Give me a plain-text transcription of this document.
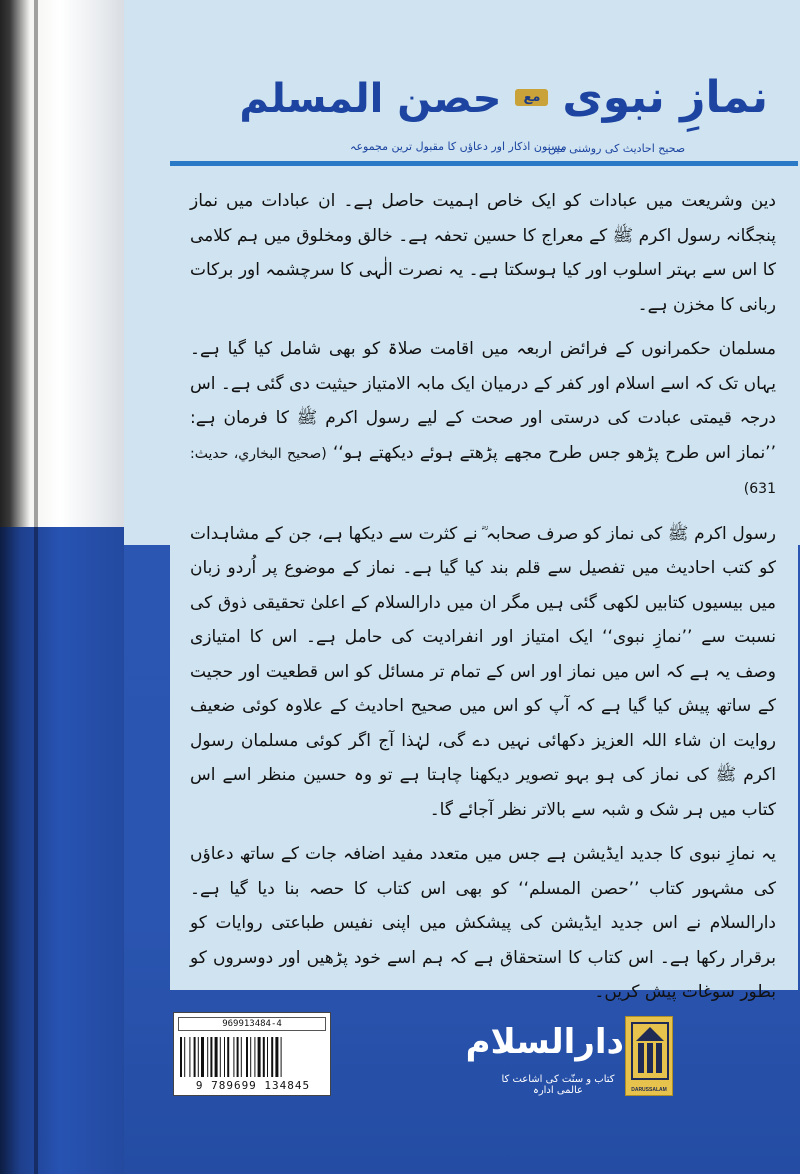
نمازِ نبوی
مع
حصن المسلم
صحیح احادیث کی روشنی میں
مسنون اذکار اور دعاؤں کا مقبول ترین مجموعہ

دین وشریعت میں عبادات کو ایک خاص اہمیت حاصل ہے۔ ان عبادات میں نماز پنجگانہ رسول اکرم ﷺ کے معراج کا حسین تحفہ ہے۔ خالق ومخلوق میں ہم کلامی کا اس سے بہتر اسلوب اور کیا ہوسکتا ہے۔ یہ نصرت الٰہی کا سرچشمہ اور برکات ربانی کا مخزن ہے۔

مسلمان حکمرانوں کے فرائض اربعہ میں اقامت صلاۃ کو بھی شامل کیا گیا ہے۔ یہاں تک کہ اسے اسلام اور کفر کے درمیان ایک مابہ الامتیاز حیثیت دی گئی ہے۔ اس درجہ قیمتی عبادت کی درستی اور صحت کے لیے رسول اکرم ﷺ کا فرمان ہے: ’’نماز اس طرح پڑھو جس طرح مجھے پڑھتے ہوئے دیکھتے ہو‘‘ (صحیح البخاري، حدیث: 631)

رسول اکرم ﷺ کی نماز کو صرف صحابہ ؓ نے کثرت سے دیکھا ہے، جن کے مشاہدات کو کتب احادیث میں تفصیل سے قلم بند کیا گیا ہے۔ نماز کے موضوع پر اُردو زبان میں بیسیوں کتابیں لکھی گئی ہیں مگر ان میں دارالسلام کے اعلیٰ تحقیقی ذوق کی نسبت سے ’’نمازِ نبوی‘‘ ایک امتیاز اور انفرادیت کی حامل ہے۔ اس کا امتیازی وصف یہ ہے کہ اس میں نماز اور اس کے تمام تر مسائل کو اس قطعیت اور حجیت کے ساتھ پیش کیا گیا ہے کہ آپ کو اس میں صحیح احادیث کے علاوہ کوئی ضعیف روایت ان شاء اللہ العزیز دکھائی نہیں دے گی، لہٰذا آج اگر کوئی مسلمان رسول اکرم ﷺ کی نماز کی ہو بہو تصویر دیکھنا چاہتا ہے تو وہ حسین منظر اسے اس کتاب میں ہر شک و شبہ سے بالاتر نظر آجائے گا۔

یہ نمازِ نبوی کا جدید ایڈیشن ہے جس میں متعدد مفید اضافہ جات کے ساتھ دعاؤں کی مشہور کتاب ’’حصن المسلم‘‘ کو بھی اس کتاب کا حصہ بنا دیا گیا ہے۔ دارالسلام نے اس جدید ایڈیشن کی پیشکش میں اپنی نفیس طباعتی روایات کو برقرار رکھا ہے۔ اس کتاب کا استحقاق ہے کہ ہم اسے خود پڑھیں اور دوسروں کو بطور سوغات پیش کریں۔

969913484-4
9 789699 134845
دارالسلام
کتاب و سنّت کی اشاعت کا عالمی ادارہ	DARUSSALAM
